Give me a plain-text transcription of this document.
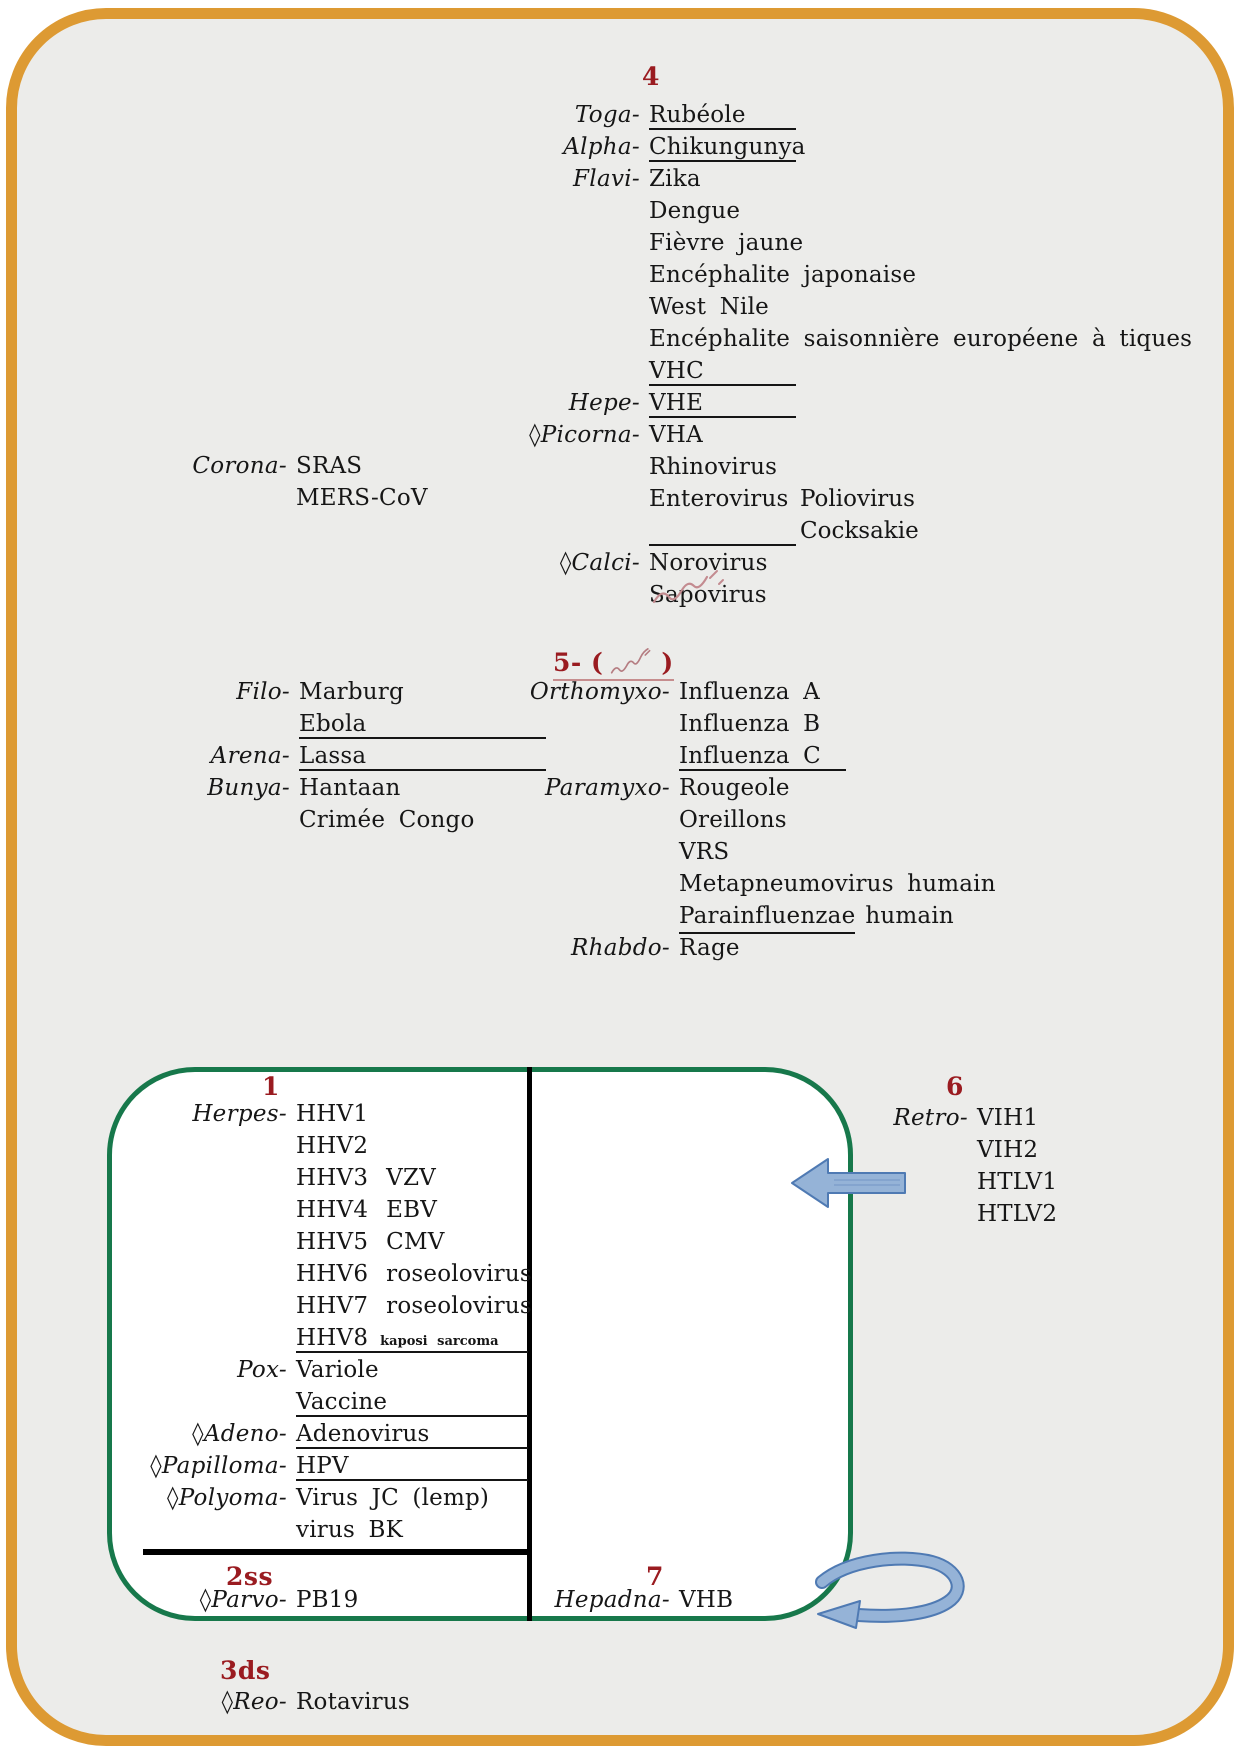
4
Toga- Rubéole
Alpha- Chikungunya
Flavi- Zika
Dengue
Fièvre jaune
Encéphalite japonaise
West Nile
Encéphalite saisonnière européene à tiques
VHC
Hepe- VHE
◊Picorna- VHA
Rhinovirus
Enterovirus Poliovirus
Cocksakie
◊Calci- Norovirus
Sapovirus
Corona- SRAS
MERS-CoV
5- ( )
Filo- Marburg
Ebola
Arena- Lassa
Bunya- Hantaan
Crimée Congo
Orthomyxo- Influenza A
Influenza B
Influenza C
Paramyxo- Rougeole
Oreillons
VRS
Metapneumovirus humain
Parainfluenzae humain
Rhabdo- Rage
1
Herpes- HHV1
HHV2
HHV3 VZV
HHV4 EBV
HHV5 CMV
HHV6 roseolovirus
HHV7 roseolovirus
HHV8 kaposi sarcoma
Pox- Variole
Vaccine
◊Adeno- Adenovirus
◊Papilloma- HPV
◊Polyoma- Virus JC (lemp)
virus BK
2ss
◊Parvo- PB19
6
Retro- VIH1
VIH2
HTLV1
HTLV2
7
Hepadna- VHB
3ds
◊Reo- Rotavirus
